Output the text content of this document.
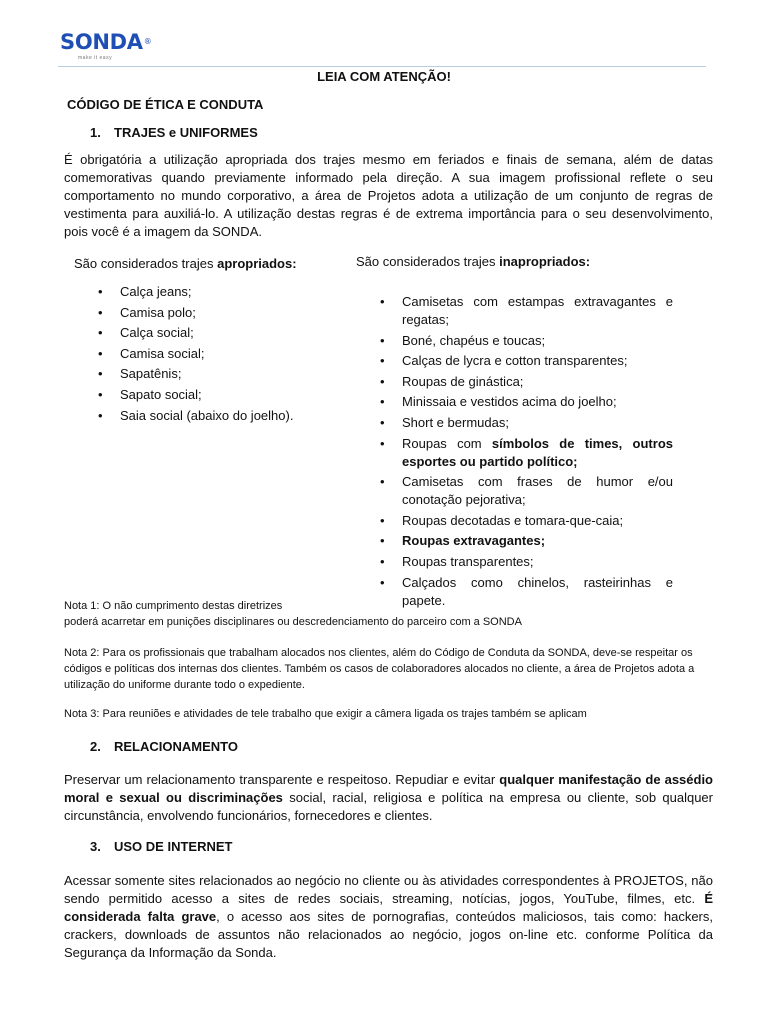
SONDA®
make it easy
LEIA COM ATENÇÃO!
CÓDIGO DE ÉTICA E CONDUTA
1. TRAJES e UNIFORMES
É obrigatória a utilização apropriada dos trajes mesmo em feriados e finais de semana, além de datas comemorativas quando previamente informado pela direção. A sua imagem profissional reflete o seu comportamento no mundo corporativo, a área de Projetos adota a utilização de um conjunto de regras de vestimenta para auxiliá-lo. A utilização destas regras é de extrema importância para o seu desenvolvimento, pois você é a imagem da SONDA.
São considerados trajes apropriados:
• Calça jeans;
• Camisa polo;
• Calça social;
• Camisa social;
• Sapatênis;
• Sapato social;
• Saia social (abaixo do joelho).
São considerados trajes inapropriados:
• Camisetas com estampas extravagantes e regatas;
• Boné, chapéus e toucas;
• Calças de lycra e cotton transparentes;
• Roupas de ginástica;
• Minissaia e vestidos acima do joelho;
• Short e bermudas;
• Roupas com símbolos de times, outros esportes ou partido político;
• Camisetas com frases de humor e/ou conotação pejorativa;
• Roupas decotadas e tomara-que-caia;
• Roupas extravagantes;
• Roupas transparentes;
• Calçados como chinelos, rasteirinhas e papete.
Nota 1: O não cumprimento destas diretrizes
poderá acarretar em punições disciplinares ou descredenciamento do parceiro com a SONDA
Nota 2: Para os profissionais que trabalham alocados nos clientes, além do Código de Conduta da SONDA, deve-se respeitar os códigos e políticas dos internas dos clientes. Também os casos de colaboradores alocados no cliente, a área de Projetos adota a utilização do uniforme durante todo o expediente.
Nota 3: Para reuniões e atividades de tele trabalho que exigir a câmera ligada os trajes também se aplicam
2. RELACIONAMENTO
Preservar um relacionamento transparente e respeitoso. Repudiar e evitar qualquer manifestação de assédio moral e sexual ou discriminações social, racial, religiosa e política na empresa ou cliente, sob qualquer circunstância, envolvendo funcionários, fornecedores e clientes.
3. USO DE INTERNET
Acessar somente sites relacionados ao negócio no cliente ou às atividades correspondentes à PROJETOS, não sendo permitido acesso a sites de redes sociais, streaming, notícias, jogos, YouTube, filmes, etc. É considerada falta grave, o acesso aos sites de pornografias, conteúdos maliciosos, tais como: hackers, crackers, downloads de assuntos não relacionados ao negócio, jogos on-line etc. conforme Política da Segurança da Informação da Sonda.
